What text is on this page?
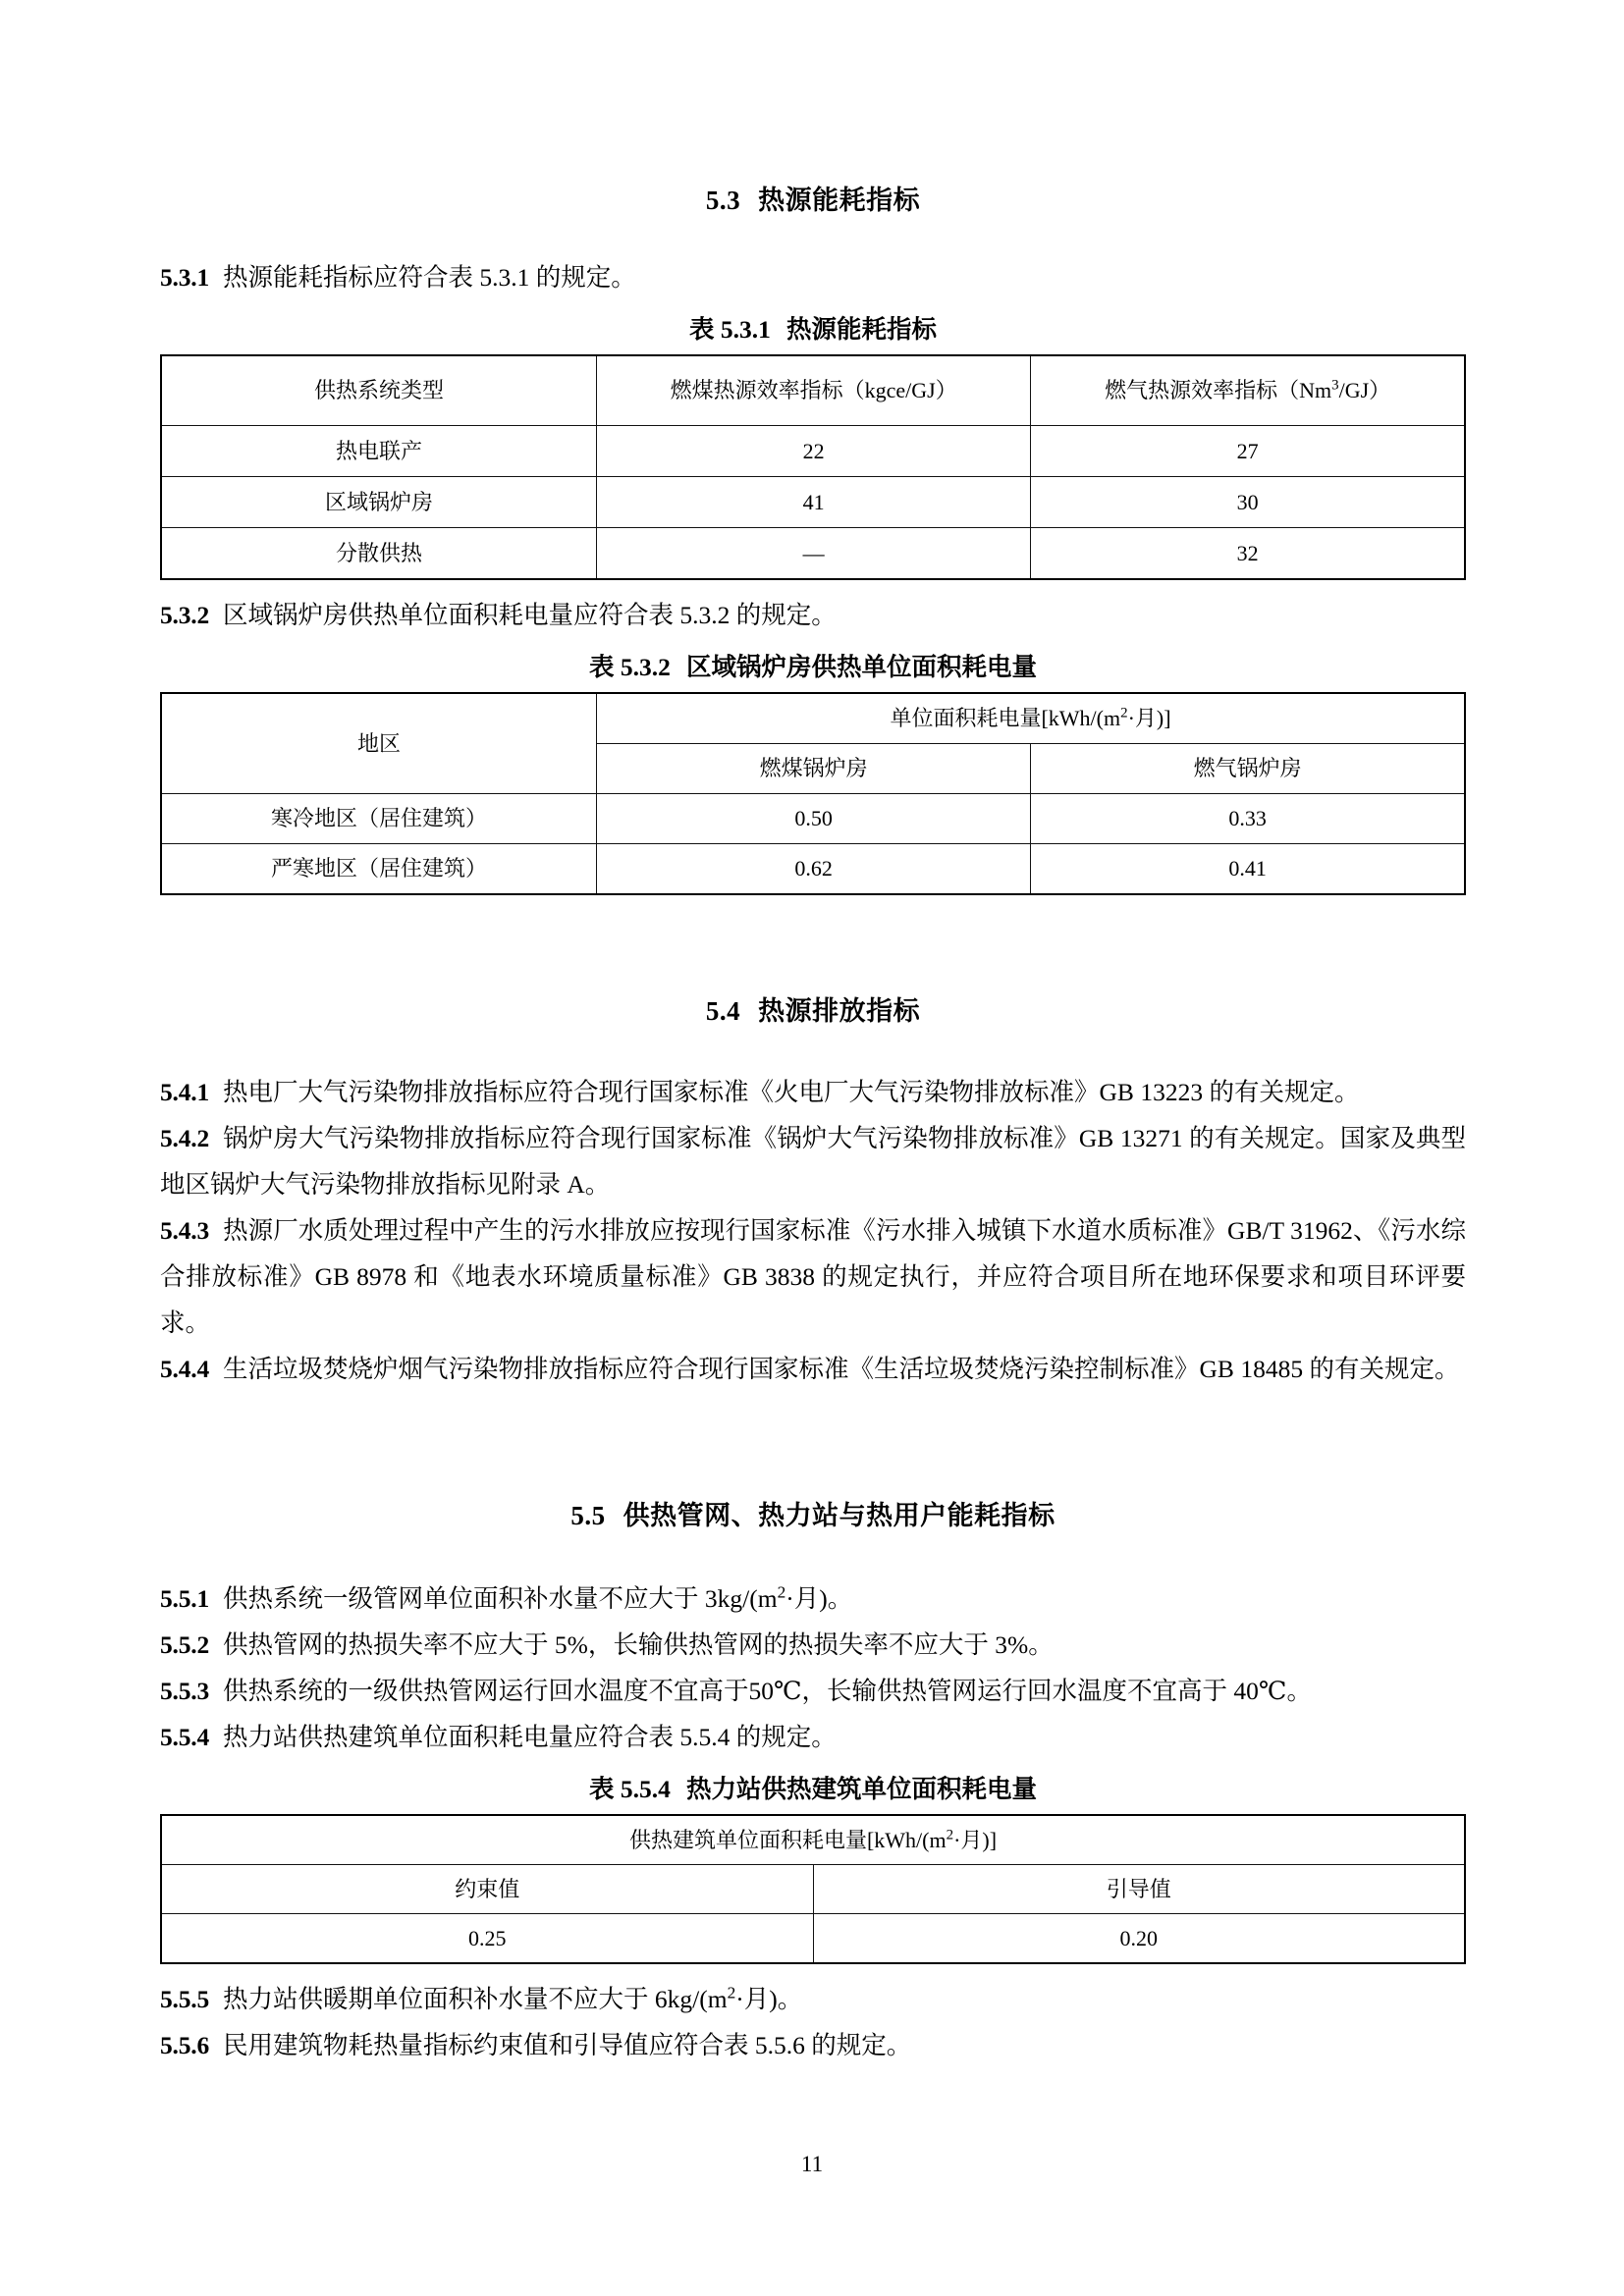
5.3 热源能耗指标

5.3.1 热源能耗指标应符合表 5.3.1 的规定。

表 5.3.1 热源能耗指标
供热系统类型	燃煤热源效率指标（kgce/GJ）	燃气热源效率指标（Nm$^3$/GJ）
热电联产	22	27
区域锅炉房	41	30
分散供热	—	32

5.3.2 区域锅炉房供热单位面积耗电量应符合表 5.3.2 的规定。

表 5.3.2 区域锅炉房供热单位面积耗电量
地区	单位面积耗电量[$kWh/(m^2\cdot$月)]	
	燃煤锅炉房	燃气锅炉房
寒冷地区（居住建筑）	0.50	0.33
严寒地区（居住建筑）	0.62	0.41
5.4 热源排放指标

5.4.1 热电厂大气污染物排放指标应符合现行国家标准《火电厂大气污染物排放标准》GB 13223 的有关规定。

5.4.2 锅炉房大气污染物排放指标应符合现行国家标准《锅炉大气污染物排放标准》GB 13271 的有关规定。国家及典型地区锅炉大气污染物排放指标见附录 A。

5.4.3 热源厂水质处理过程中产生的污水排放应按现行国家标准《污水排入城镇下水道水质标准》GB/T 31962、《污水综合排放标准》GB 8978 和《地表水环境质量标准》GB 3838 的规定执行，并应符合项目所在地环保要求和项目环评要求。

5.4.4 生活垃圾焚烧炉烟气污染物排放指标应符合现行国家标准《生活垃圾焚烧污染控制标准》GB 18485 的有关规定。

5.5 供热管网、热力站与热用户能耗指标

5.5.1 供热系统一级管网单位面积补水量不应大于 $3kg/(m^2\cdot$月)。

5.5.2 供热管网的热损失率不应大于 5%，长输供热管网的热损失率不应大于 3%。

5.5.3 供热系统的一级供热管网运行回水温度不宜高于50℃，长输供热管网运行回水温度不宜高于 40℃。

5.5.4 热力站供热建筑单位面积耗电量应符合表 5.5.4 的规定。

表 5.5.4 热力站供热建筑单位面积耗电量
供热建筑单位面积耗电量[$kWh/(m^2\cdot$月)]	
约束值	引导值
0.25	0.20

5.5.5 热力站供暖期单位面积补水量不应大于 $6kg/(m^2\cdot$月)。

5.5.6 民用建筑物耗热量指标约束值和引导值应符合表 5.5.6 的规定。

11
